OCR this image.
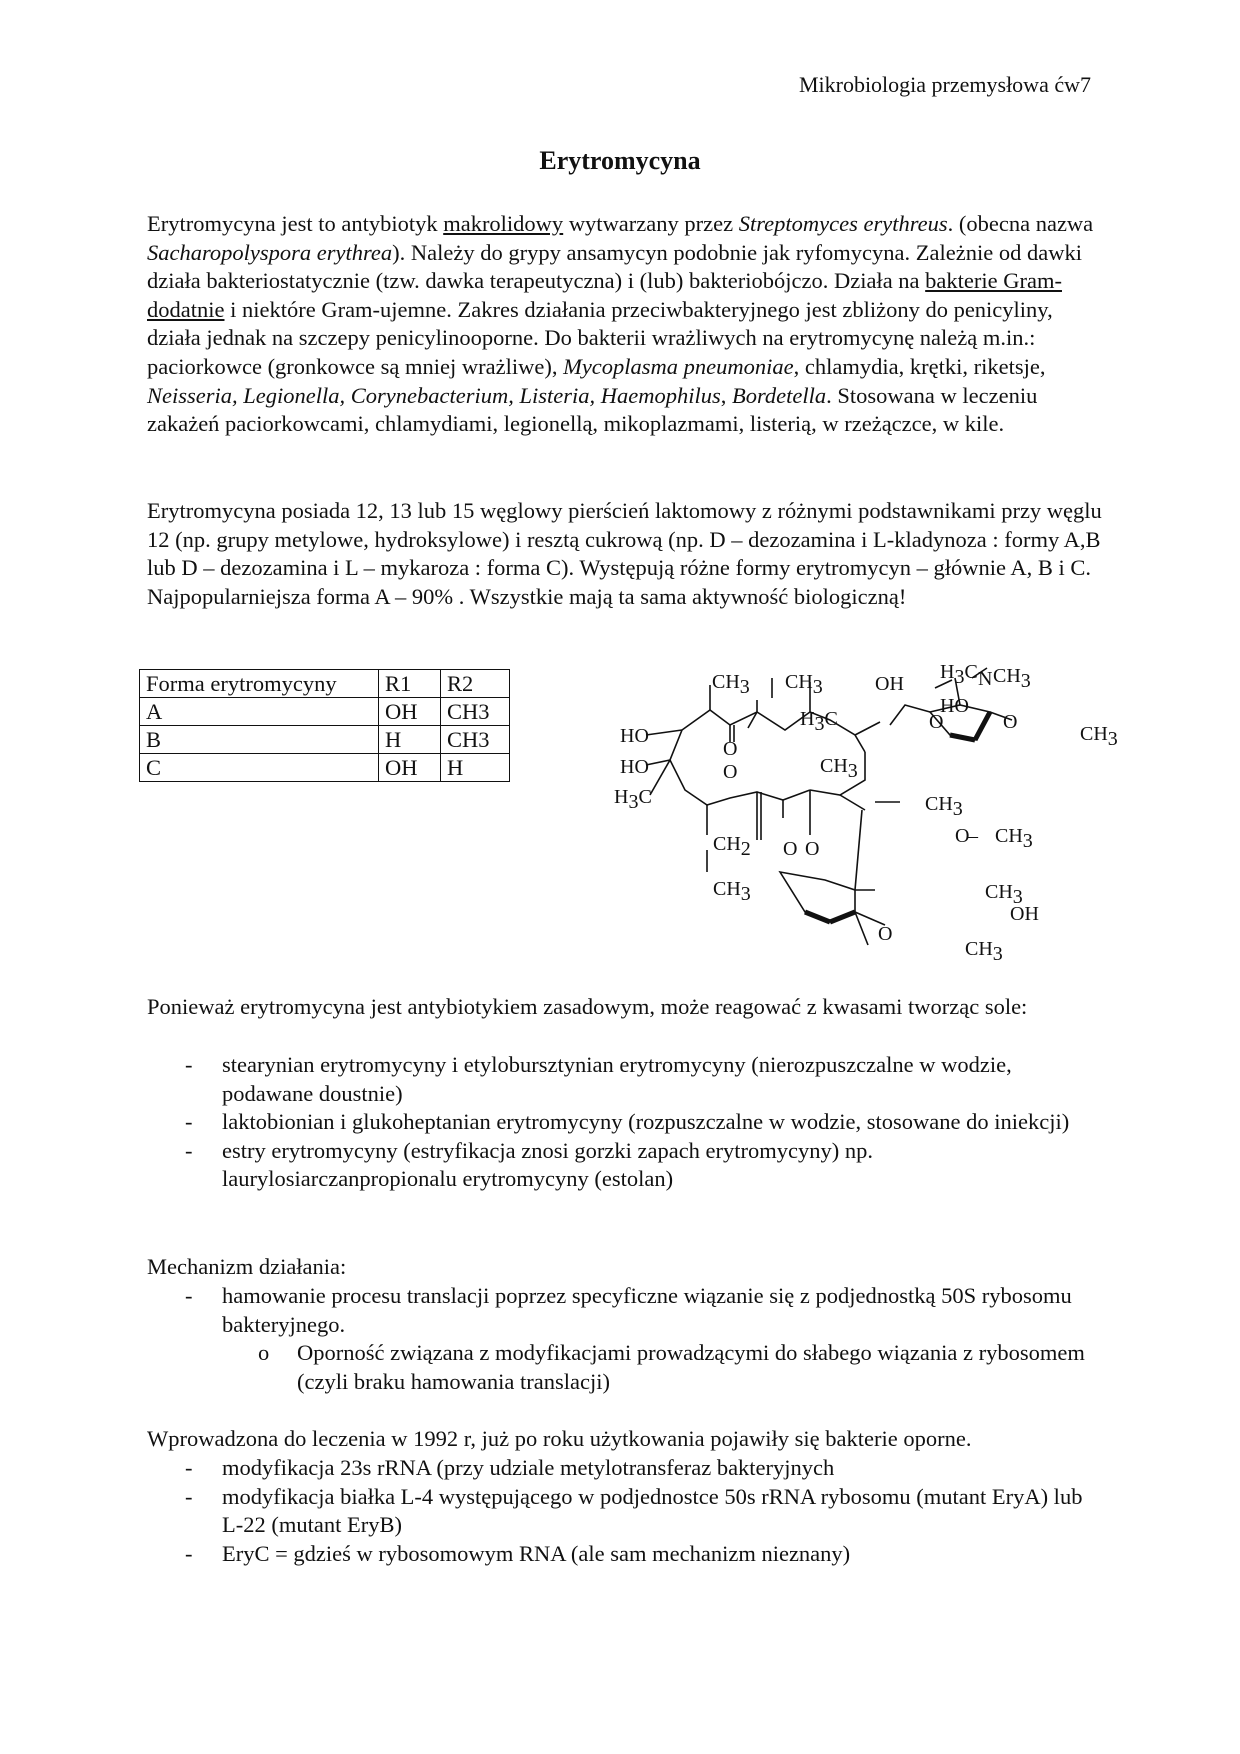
Mikrobiologia przemysłowa ćw7
Erytromycyna

Erytromycyna jest to antybiotyk makrolidowy wytwarzany przez Streptomyces erythreus. (obecna nazwa Sacharopolyspora erythrea). Należy do grypy ansamycyn podobnie jak ryfomycyna. Zależnie od dawki działa bakteriostatycznie (tzw. dawka terapeutyczna) i (lub) bakteriobójczo. Działa na bakterie Gram-dodatnie i niektóre Gram-ujemne. Zakres działania przeciwbakteryjnego jest zbliżony do penicyliny, działa jednak na szczepy penicylinooporne. Do bakterii wrażliwych na erytromycynę należą m.in.: paciorkowce (gronkowce są mniej wrażliwe), Mycoplasma pneumoniae, chlamydia, krętki, riketsje, Neisseria, Legionella, Corynebacterium, Listeria, Haemophilus, Bordetella. Stosowana w leczeniu zakażeń paciorkowcami, chlamydiami, legionellą, mikoplazmami, listerią, w rzeżączce, w kile.

Erytromycyna posiada 12, 13 lub 15 węglowy pierścień laktomowy z różnymi podstawnikami przy węglu 12 (np. grupy metylowe, hydroksylowe) i resztą cukrową (np. D – dezozamina i L-kladynoza : formy A,B lub D – dezozamina i L – mykaroza : forma C). Występują różne formy erytromycyn – głównie A, B i C. Najpopularniejsza forma A – 90% . Wszystkie mają ta sama aktywność biologiczną!

Forma erytromycyny	R1	R2
A	OH	CH3
B	H	CH3
C	OH	H
CH3 CH3	OH
H3C
H3C N CH3
HO
O	O
CH3
HO
HO
H3C
O
O	CH3
CH3
CH2
CH3
O O
O
– CH3
CH3
OH
O
CH3

Ponieważ erytromycyna jest antybiotykiem zasadowym, może reagować z kwasami tworząc sole:

- stearynian erytromycyny i etylobursztynian erytromycyny (nierozpuszczalne w wodzie, podawane doustnie)
- laktobionian i glukoheptanian erytromycyny (rozpuszczalne w wodzie, stosowane do iniekcji)
- estry erytromycyny (estryfikacja znosi gorzki zapach erytromycyny) np. laurylosiarczanpropionalu erytromycyny (estolan)

Mechanizm działania:

- hamowanie procesu translacji poprzez specyficzne wiązanie się z podjednostką 50S rybosomu bakteryjnego.
o Oporność związana z modyfikacjami prowadzącymi do słabego wiązania z rybosomem (czyli braku hamowania translacji)

Wprowadzona do leczenia w 1992 r, już po roku użytkowania pojawiły się bakterie oporne.

- modyfikacja 23s rRNA (przy udziale metylotransferaz bakteryjnych
- modyfikacja białka L-4 występującego w podjednostce 50s rRNA rybosomu (mutant EryA) lub L-22 (mutant EryB)
- EryC = gdzieś w rybosomowym RNA (ale sam mechanizm nieznany)
